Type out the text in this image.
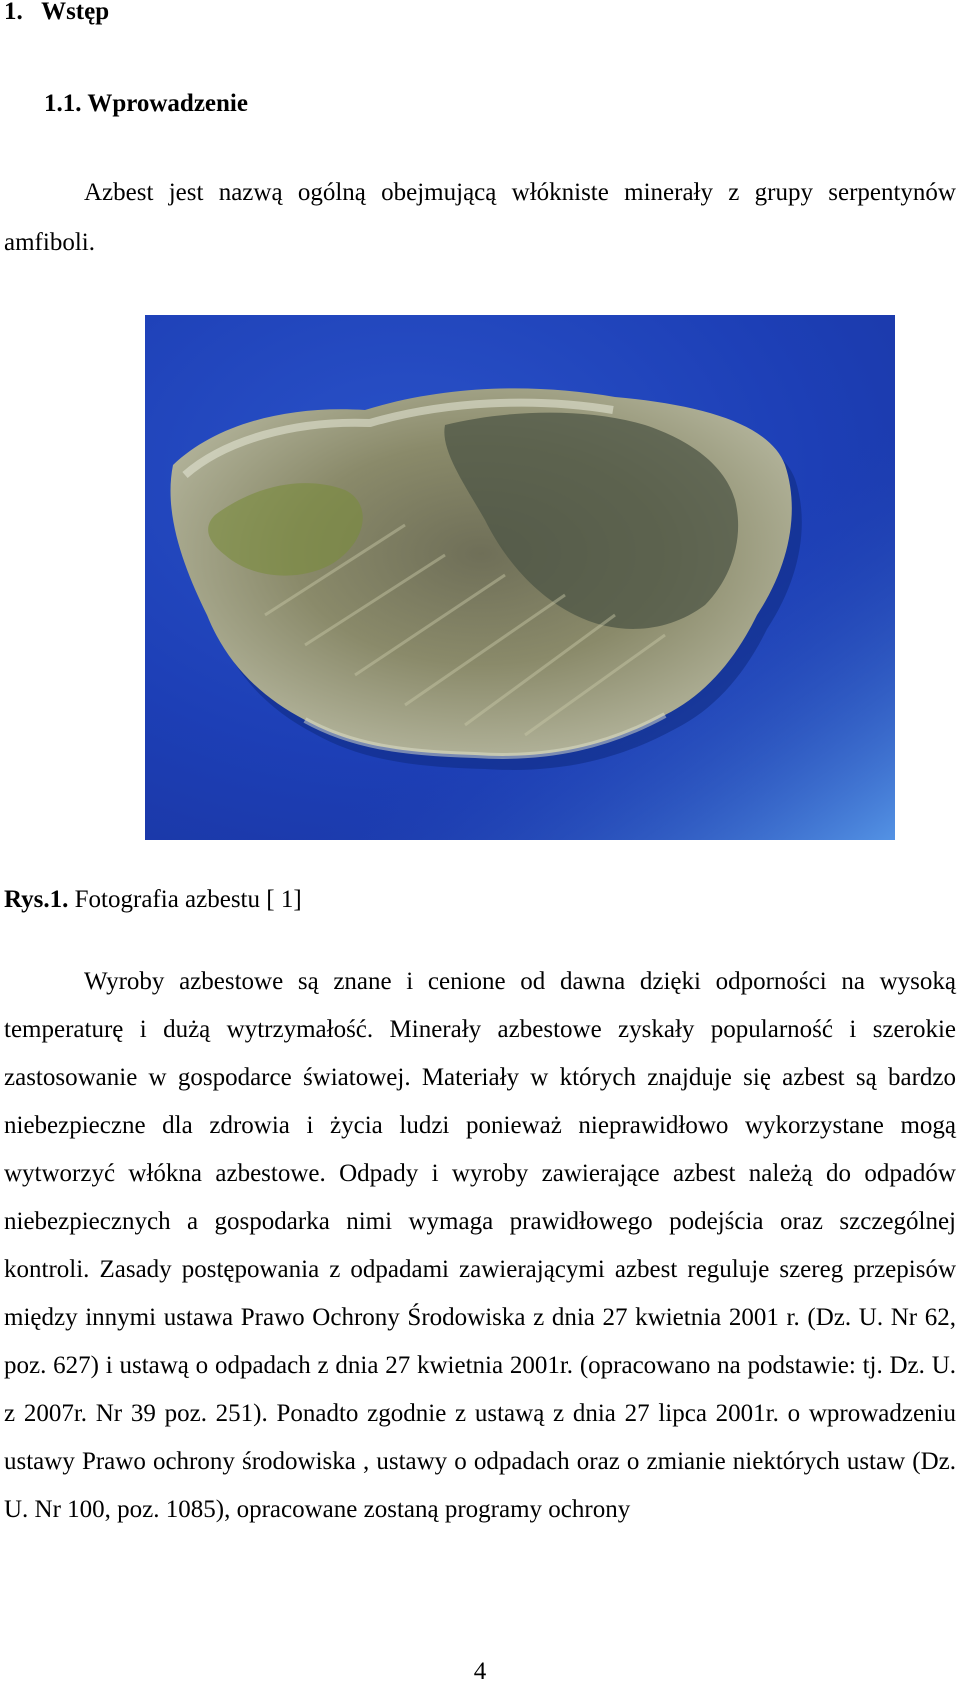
1. Wstęp
1.1. Wprowadzenie

Azbest jest nazwą ogólną obejmującą włókniste minerały z grupy serpentynów amfiboli.

Rys.1. Fotografia azbestu [ 1]

Wyroby azbestowe są znane i cenione od dawna dzięki odporności na wysoką temperaturę i dużą wytrzymałość. Minerały azbestowe zyskały popularność i szerokie zastosowanie w gospodarce światowej. Materiały w których znajduje się azbest są bardzo niebezpieczne dla zdrowia i życia ludzi ponieważ nieprawidłowo wykorzystane mogą wytworzyć włókna azbestowe. Odpady i wyroby zawierające azbest należą do odpadów niebezpiecznych a gospodarka nimi wymaga prawidłowego podejścia oraz szczególnej kontroli. Zasady postępowania z odpadami zawierającymi azbest reguluje szereg przepisów między innymi ustawa Prawo Ochrony Środowiska z dnia 27 kwietnia 2001 r. (Dz. U. Nr 62, poz. 627) i ustawą o odpadach z dnia 27 kwietnia 2001r. (opracowano na podstawie: tj. Dz. U. z 2007r. Nr 39 poz. 251). Ponadto zgodnie z ustawą z dnia 27 lipca 2001r. o wprowadzeniu ustawy Prawo ochrony środowiska , ustawy o odpadach oraz o zmianie niektórych ustaw (Dz. U. Nr 100, poz. 1085), opracowane zostaną programy ochrony

4
